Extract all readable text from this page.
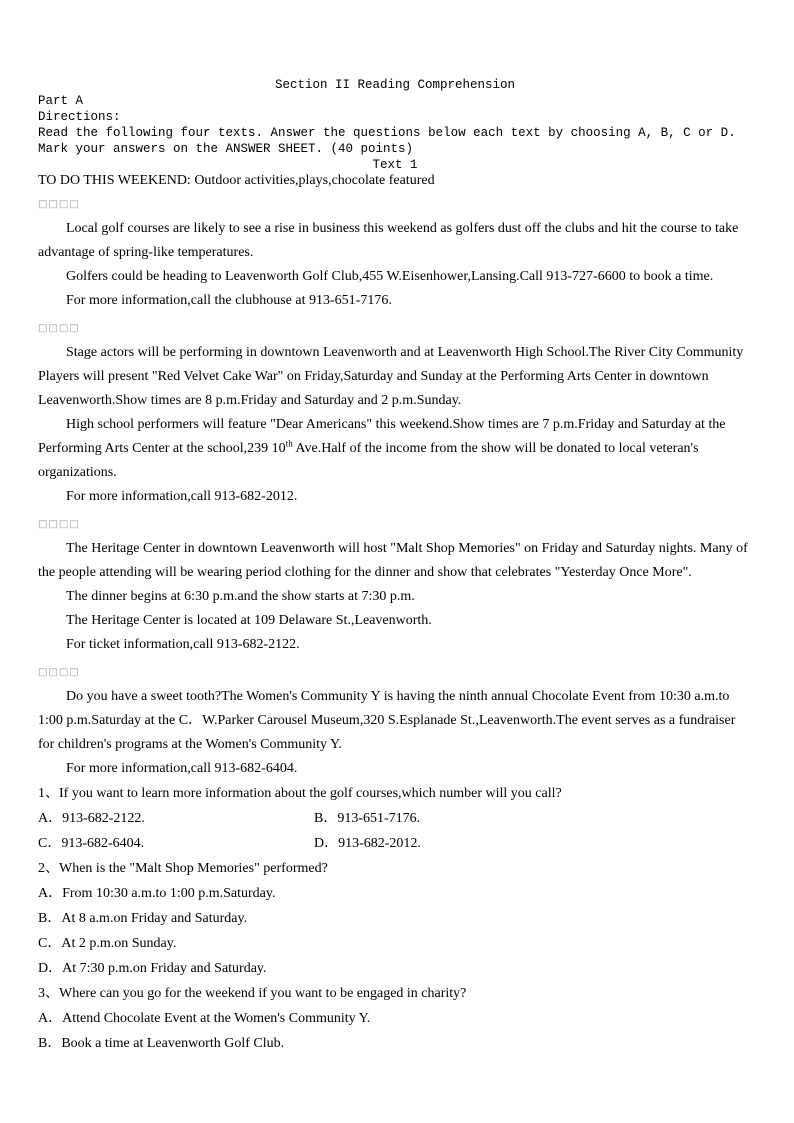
Section II Reading Comprehension
Part A
Directions:
Read the following four texts. Answer the questions below each text by choosing A, B, C or D. Mark your answers on the ANSWER SHEET. (40 points)
Text 1
TO DO THIS WEEKEND: Outdoor activities,plays,chocolate featured
□□□□

Local golf courses are likely to see a rise in business this weekend as golfers dust off the clubs and hit the course to take advantage of spring-like temperatures.

Golfers could be heading to Leavenworth Golf Club,455 W.Eisenhower,Lansing.Call 913-727-6600 to book a time.

For more information,call the clubhouse at 913-651-7176.

□□□□

Stage actors will be performing in downtown Leavenworth and at Leavenworth High School.The River City Community Players will present "Red Velvet Cake War" on Friday,Saturday and Sunday at the Performing Arts Center in downtown Leavenworth.Show times are 8 p.m.Friday and Saturday and 2 p.m.Sunday.

High school performers will feature "Dear Americans" this weekend.Show times are 7 p.m.Friday and Saturday at the Performing Arts Center at the school,239 10th Ave.Half of the income from the show will be donated to local veteran's organizations.

For more information,call 913-682-2012.

□□□□

The Heritage Center in downtown Leavenworth will host "Malt Shop Memories" on Friday and Saturday nights. Many of the people attending will be wearing period clothing for the dinner and show that celebrates "Yesterday Once More".

The dinner begins at 6:30 p.m.and the show starts at 7:30 p.m.

The Heritage Center is located at 109 Delaware St.,Leavenworth.

For ticket information,call 913-682-2122.

□□□□

Do you have a sweet tooth?The Women's Community Y is having the ninth annual Chocolate Event from 10:30 a.m.to 1:00 p.m.Saturday at the C．W.Parker Carousel Museum,320 S.Esplanade St.,Leavenworth.The event serves as a fundraiser for children's programs at the Women's Community Y.

For more information,call 913-682-6404.

1、If you want to learn more information about the golf courses,which number will you call?

A．913-682-2122.	B．913-651-7176.
C．913-682-6404.	D．913-682-2012.

2、When is the "Malt Shop Memories" performed?

A．From 10:30 a.m.to 1:00 p.m.Saturday.

B．At 8 a.m.on Friday and Saturday.

C．At 2 p.m.on Sunday.

D．At 7:30 p.m.on Friday and Saturday.

3、Where can you go for the weekend if you want to be engaged in charity?

A．Attend Chocolate Event at the Women's Community Y.

B．Book a time at Leavenworth Golf Club.
